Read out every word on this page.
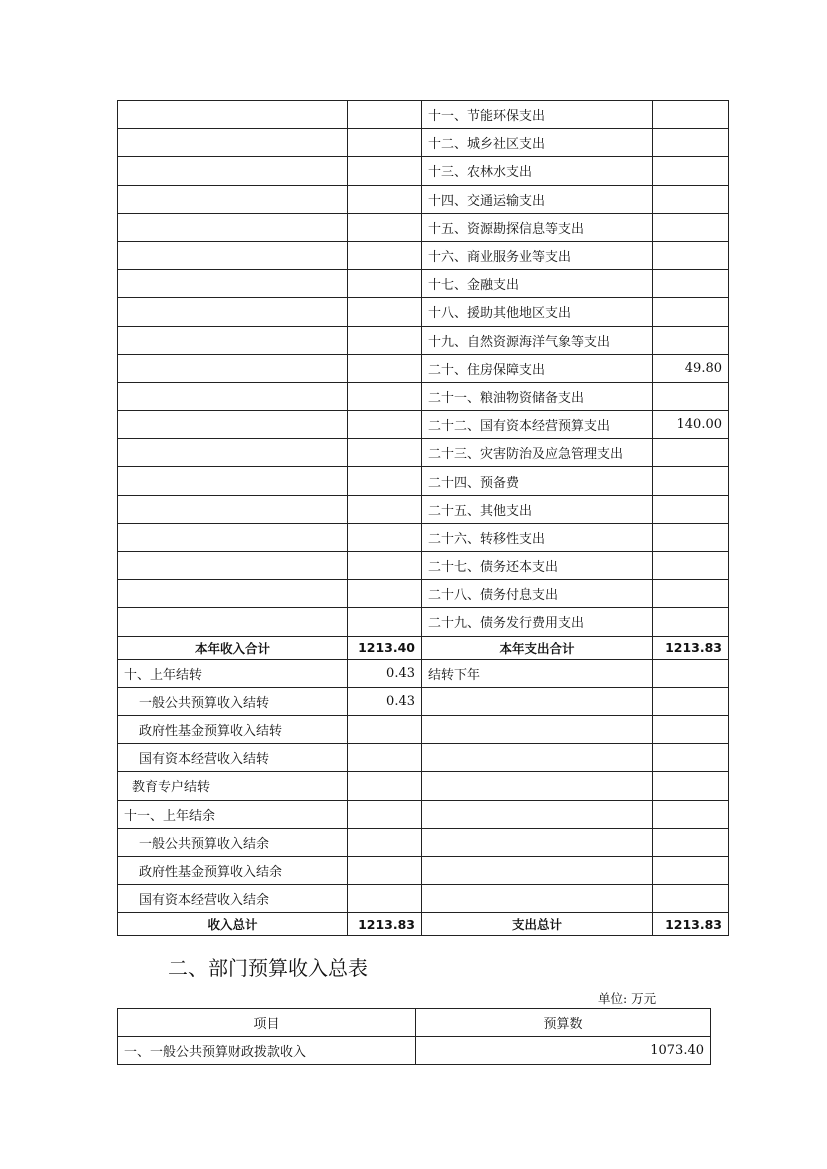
		十一、节能环保支出	
		十二、城乡社区支出	
		十三、农林水支出	
		十四、交通运输支出	
		十五、资源勘探信息等支出	
		十六、商业服务业等支出	
		十七、金融支出	
		十八、援助其他地区支出	
		十九、自然资源海洋气象等支出	
		二十、住房保障支出	49.80
		二十一、粮油物资储备支出	
		二十二、国有资本经营预算支出	140.00
		二十三、灾害防治及应急管理支出	
		二十四、预备费	
		二十五、其他支出	
		二十六、转移性支出	
		二十七、债务还本支出	
		二十八、债务付息支出	
		二十九、债务发行费用支出	
本年收入合计	1213.40	本年支出合计	1213.83
十、上年结转	0.43	结转下年	
一般公共预算收入结转	0.43		
政府性基金预算收入结转			
国有资本经营收入结转			
教育专户结转			
十一、上年结余			
一般公共预算收入结余			
政府性基金预算收入结余			
国有资本经营收入结余			
收入总计	1213.83	支出总计	1213.83
二、部门预算收入总表
单位: 万元
项目	预算数
一、一般公共预算财政拨款收入	1073.40
